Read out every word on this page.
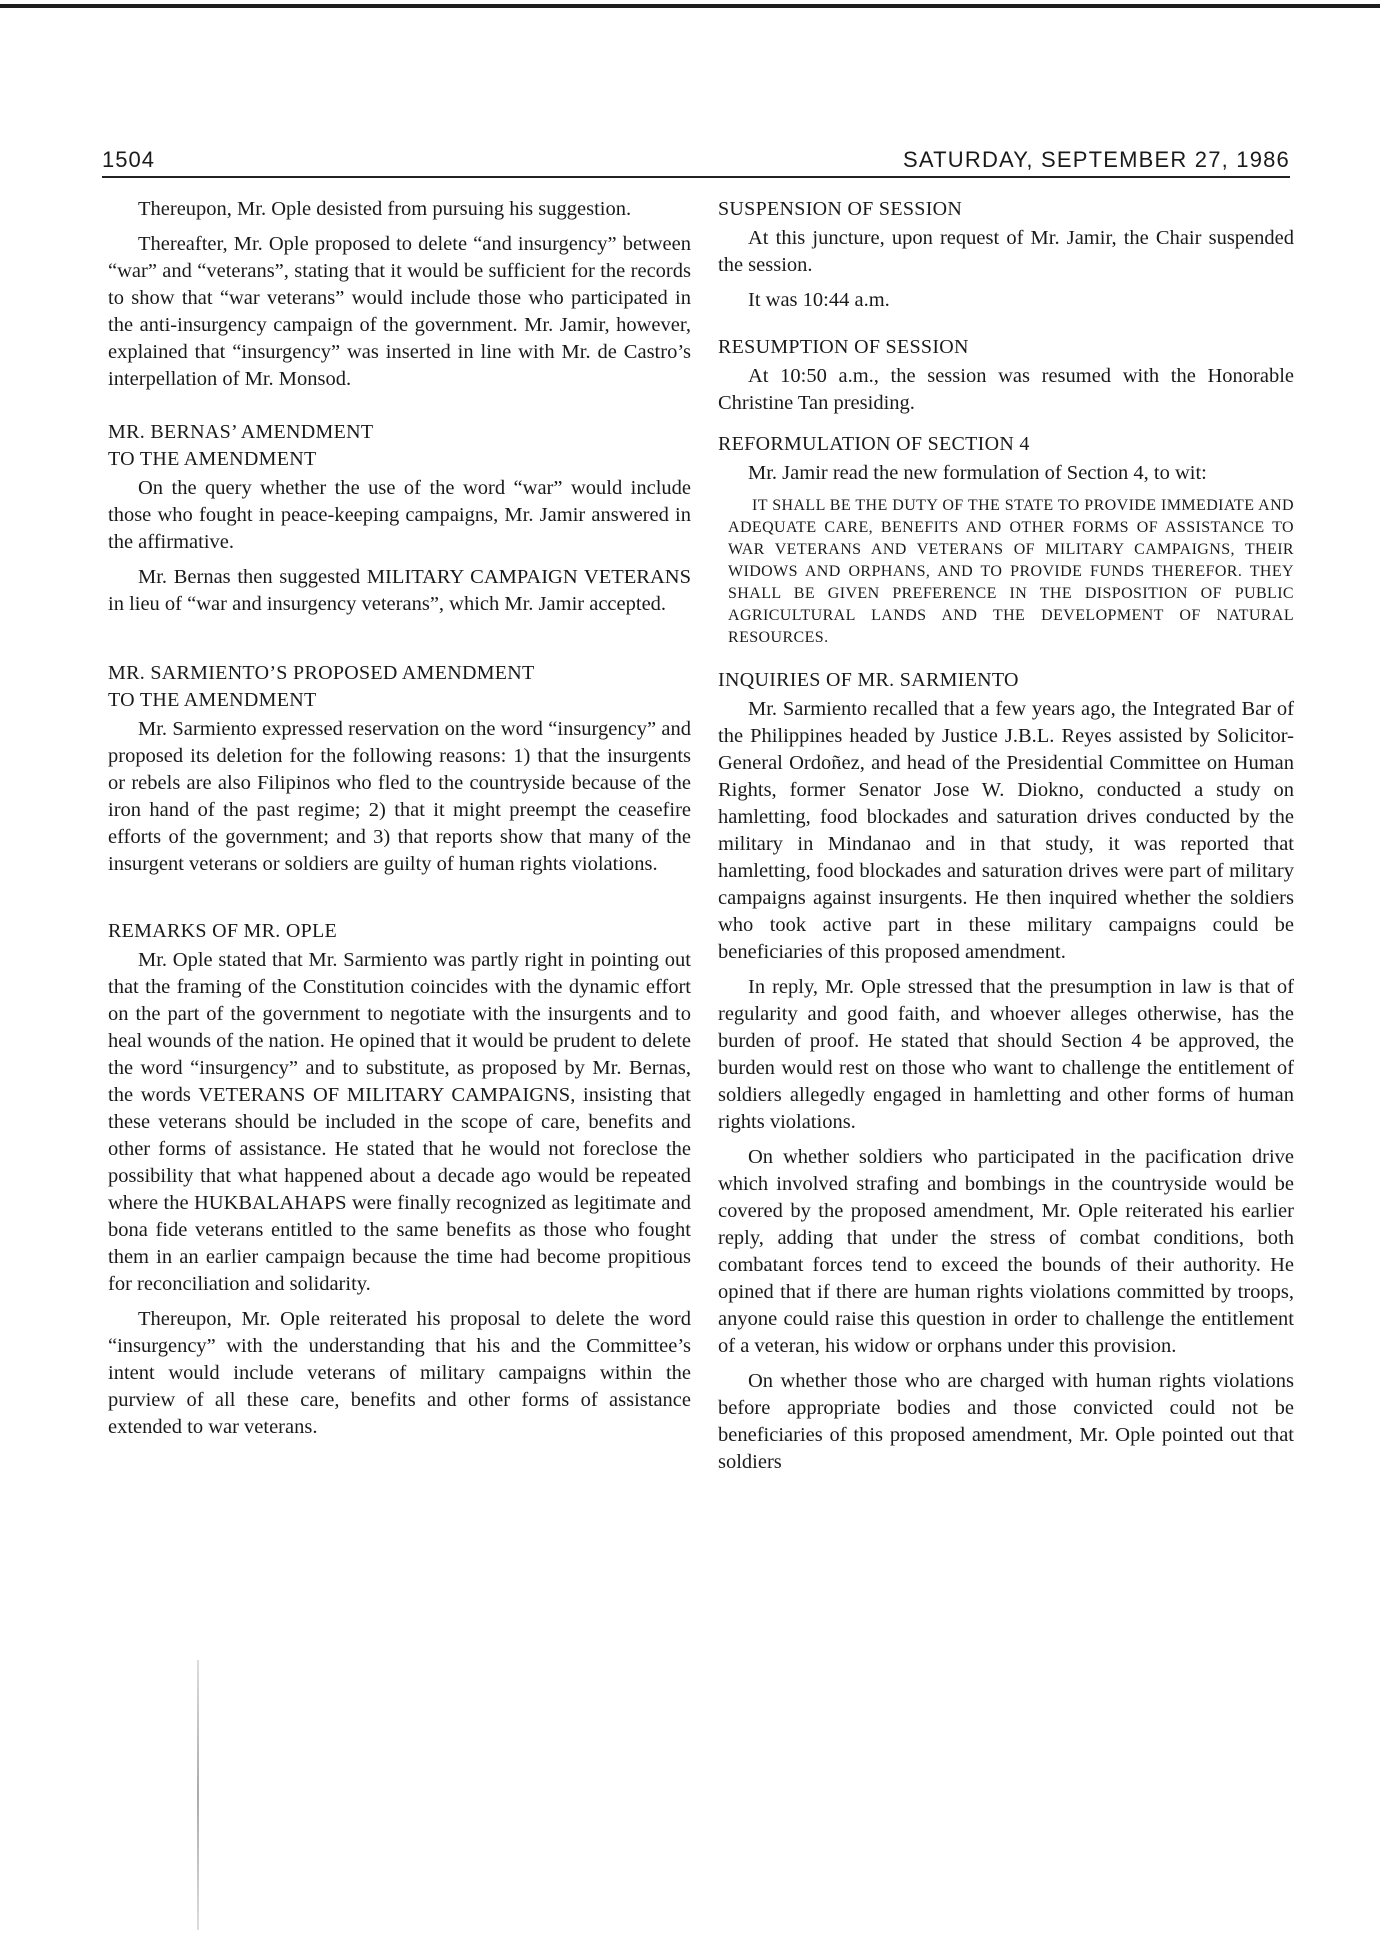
1504	SATURDAY, SEPTEMBER 27, 1986

Thereupon, Mr. Ople desisted from pursuing his suggestion.

Thereafter, Mr. Ople proposed to delete “and insurgency” between “war” and “veterans”, stating that it would be sufficient for the records to show that “war veterans” would include those who participated in the anti-insurgency campaign of the government. Mr. Jamir, however, explained that “insurgency” was inserted in line with Mr. de Castro’s interpellation of Mr. Monsod.

MR. BERNAS’ AMENDMENT
TO THE AMENDMENT

On the query whether the use of the word “war” would include those who fought in peace-keeping campaigns, Mr. Jamir answered in the affirmative.

Mr. Bernas then suggested MILITARY CAMPAIGN VETERANS in lieu of “war and insurgency veterans”, which Mr. Jamir accepted.

MR. SARMIENTO’S PROPOSED AMENDMENT
TO THE AMENDMENT

Mr. Sarmiento expressed reservation on the word “insurgency” and proposed its deletion for the following reasons: 1) that the insurgents or rebels are also Filipinos who fled to the countryside because of the iron hand of the past regime; 2) that it might preempt the ceasefire efforts of the government; and 3) that reports show that many of the insurgent veterans or soldiers are guilty of human rights violations.

REMARKS OF MR. OPLE

Mr. Ople stated that Mr. Sarmiento was partly right in pointing out that the framing of the Constitution coincides with the dynamic effort on the part of the government to negotiate with the insurgents and to heal wounds of the nation. He opined that it would be prudent to delete the word “insurgency” and to substitute, as proposed by Mr. Bernas, the words VETERANS OF MILITARY CAMPAIGNS, insisting that these veterans should be included in the scope of care, benefits and other forms of assistance. He stated that he would not foreclose the possibility that what happened about a decade ago would be repeated where the HUKBALAHAPS were finally recognized as legitimate and bona fide veterans entitled to the same benefits as those who fought them in an earlier campaign because the time had become propitious for reconciliation and solidarity.

Thereupon, Mr. Ople reiterated his proposal to delete the word “insurgency” with the understanding that his and the Committee’s intent would include veterans of military campaigns within the purview of all these care, benefits and other forms of assistance extended to war veterans.

SUSPENSION OF SESSION

At this juncture, upon request of Mr. Jamir, the Chair suspended the session.

It was 10:44 a.m.

RESUMPTION OF SESSION

At 10:50 a.m., the session was resumed with the Honorable Christine Tan presiding.

REFORMULATION OF SECTION 4

Mr. Jamir read the new formulation of Section 4, to wit:

IT SHALL BE THE DUTY OF THE STATE TO PROVIDE IMMEDIATE AND ADEQUATE CARE, BENEFITS AND OTHER FORMS OF ASSISTANCE TO WAR VETERANS AND VETERANS OF MILITARY CAMPAIGNS, THEIR WIDOWS AND ORPHANS, AND TO PROVIDE FUNDS THEREFOR. THEY SHALL BE GIVEN PREFERENCE IN THE DISPOSITION OF PUBLIC AGRICULTURAL LANDS AND THE DEVELOPMENT OF NATURAL RESOURCES.
INQUIRIES OF MR. SARMIENTO

Mr. Sarmiento recalled that a few years ago, the Integrated Bar of the Philippines headed by Justice J.B.L. Reyes assisted by Solicitor-General Ordoñez, and head of the Presidential Committee on Human Rights, former Senator Jose W. Diokno, conducted a study on hamletting, food blockades and saturation drives conducted by the military in Mindanao and in that study, it was reported that hamletting, food blockades and saturation drives were part of military campaigns against insurgents. He then inquired whether the soldiers who took active part in these military campaigns could be beneficiaries of this proposed amendment.

In reply, Mr. Ople stressed that the presumption in law is that of regularity and good faith, and whoever alleges otherwise, has the burden of proof. He stated that should Section 4 be approved, the burden would rest on those who want to challenge the entitlement of soldiers allegedly engaged in hamletting and other forms of human rights violations.

On whether soldiers who participated in the pacification drive which involved strafing and bombings in the countryside would be covered by the proposed amendment, Mr. Ople reiterated his earlier reply, adding that under the stress of combat conditions, both combatant forces tend to exceed the bounds of their authority. He opined that if there are human rights violations committed by troops, anyone could raise this question in order to challenge the entitlement of a veteran, his widow or orphans under this provision.

On whether those who are charged with human rights violations before appropriate bodies and those convicted could not be beneficiaries of this proposed amendment, Mr. Ople pointed out that soldiers
